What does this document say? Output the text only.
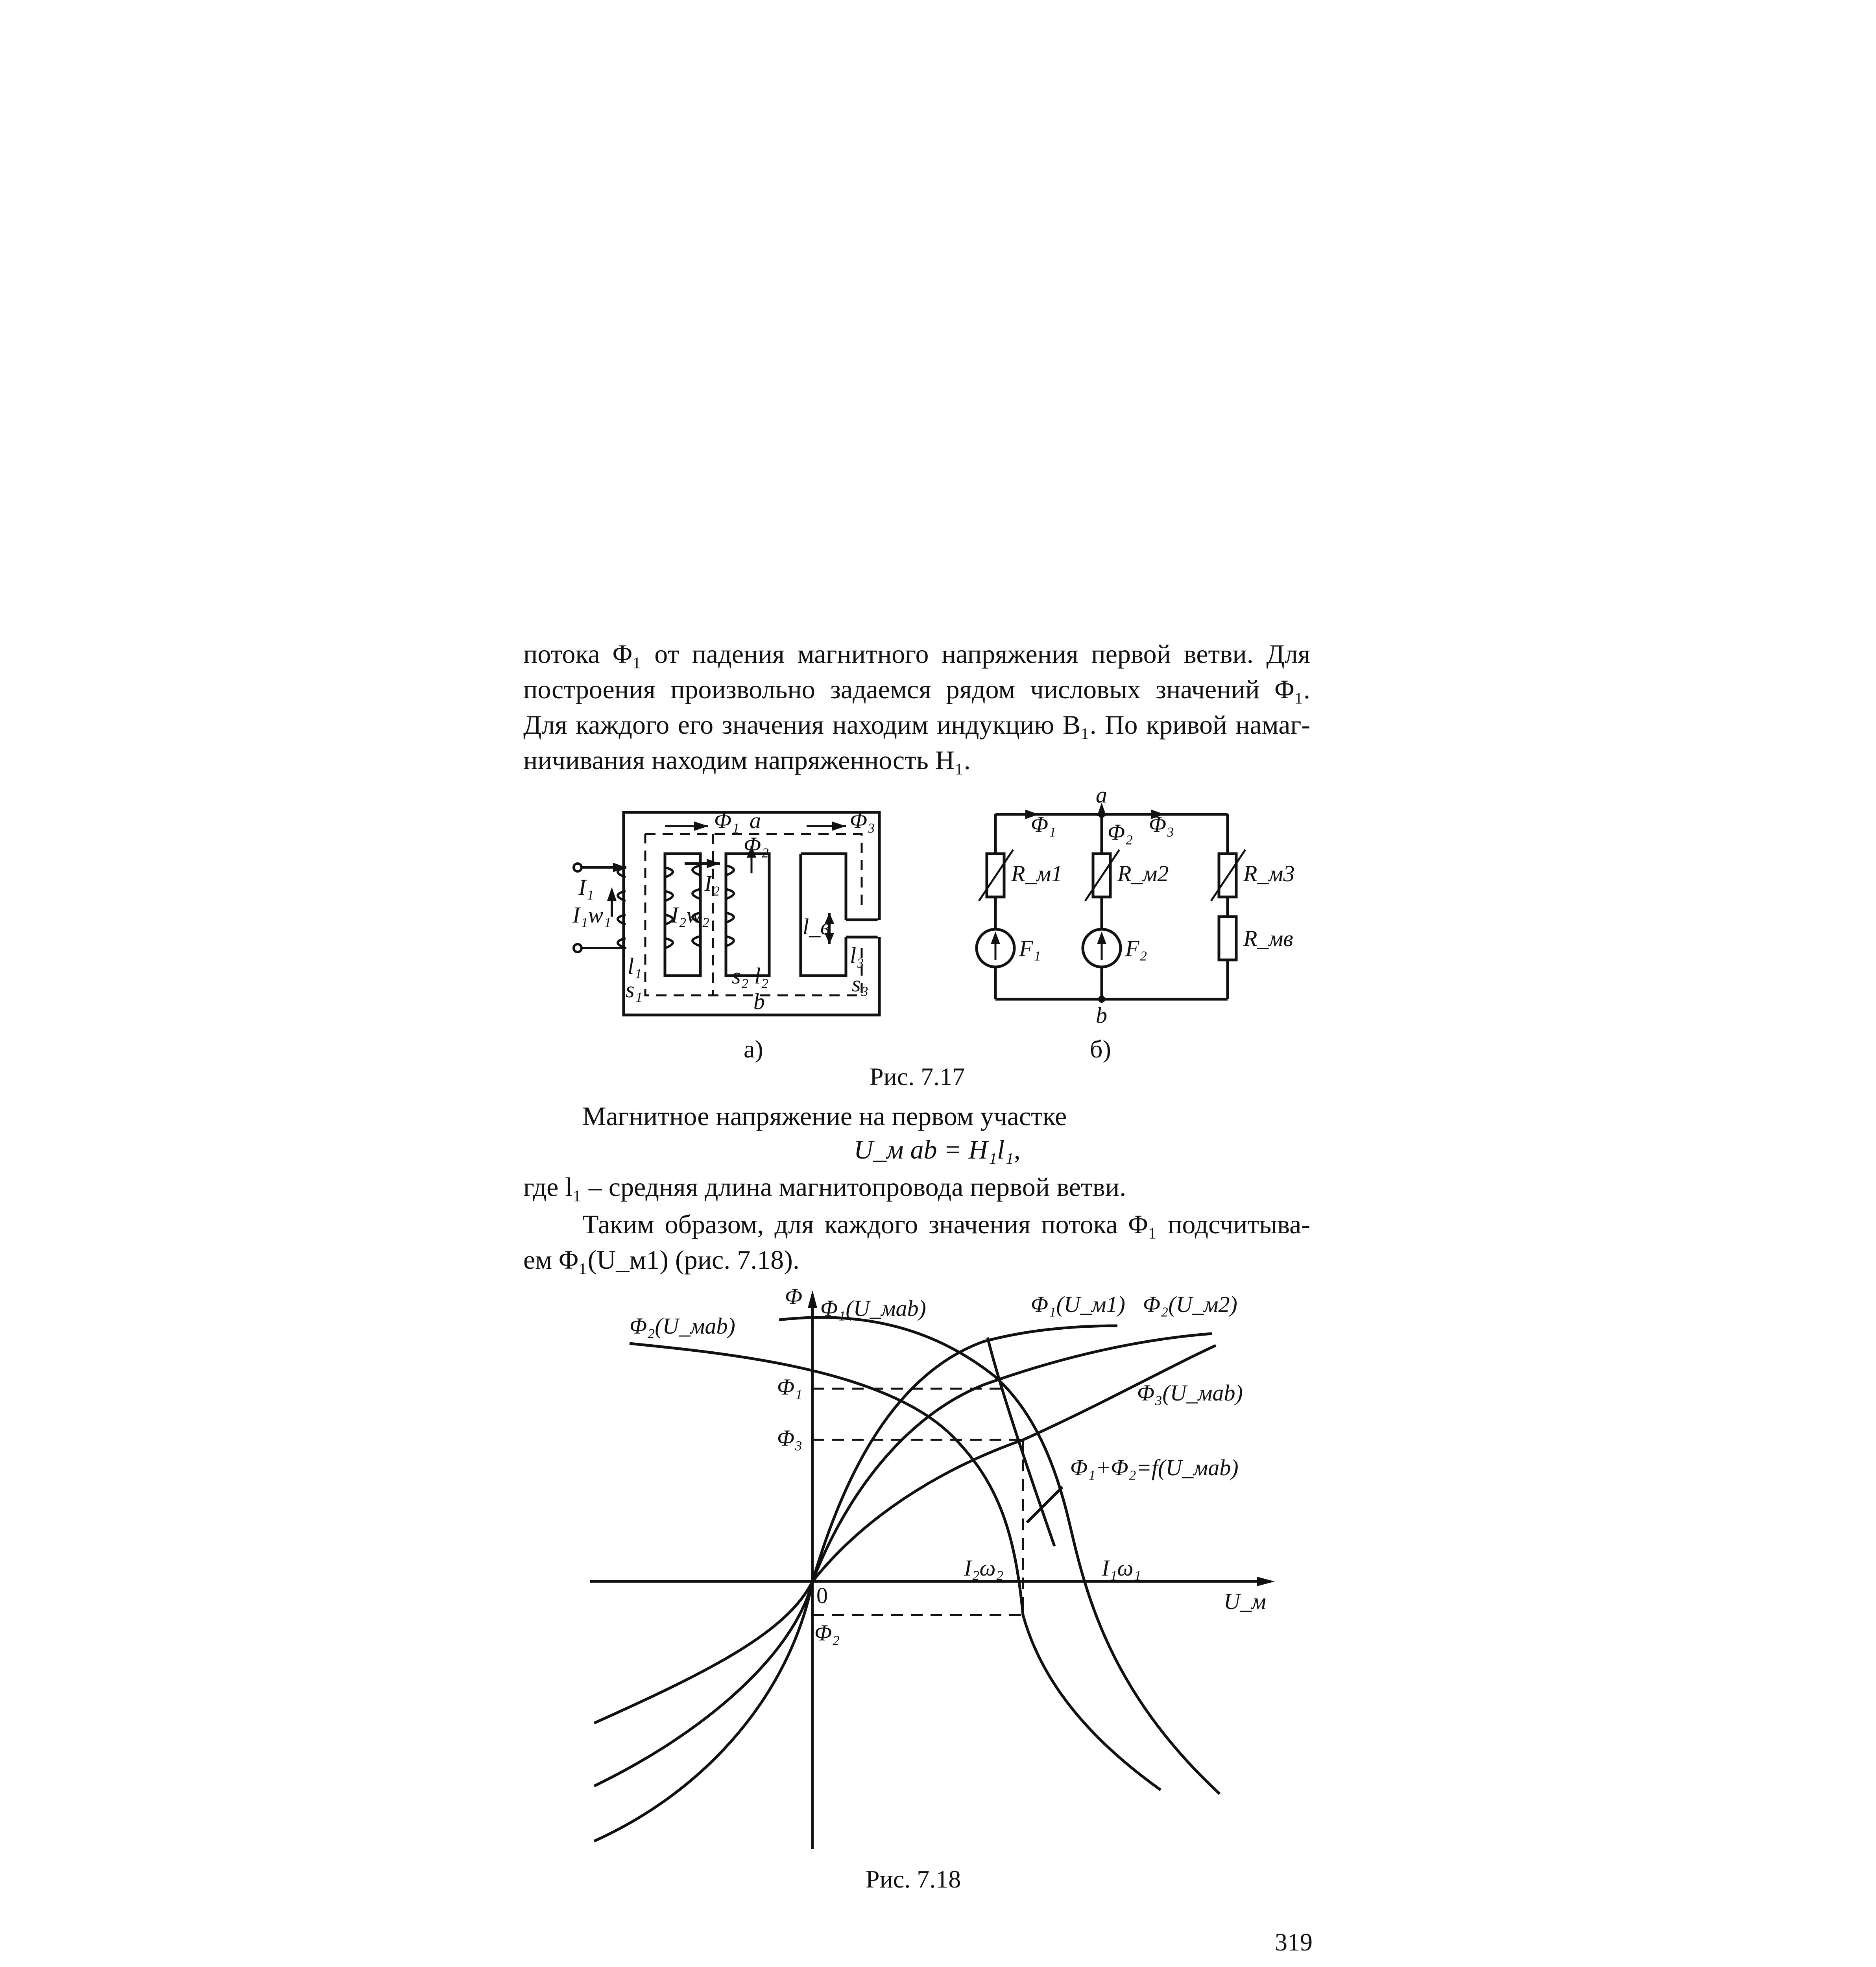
потока Φ₁ от падения магнитного напряжения первой ветви. Для
построения произвольно задаемся рядом числовых значений Φ₁.
Для каждого его значения находим индукцию B₁. По кривой намаг-
ничивания находим напряженность H₁.
Φ₁ a	Φ₃
Φ₂
I₁	I₂
I₁w₁	I₂w₂	l_в
l₁
s₁
s₂ l₂
l₃
s₃
b
a
Φ₁ Φ₂ Φ₃
R_м1 R_м2	R_м3
R_мв
F₁	F₂
b
а)	б)
Рис. 7.17
Магнитное напряжение на первом участке
U_м ab = H₁l₁,
где l₁ – средняя длина магнитопровода первой ветви.
Таким образом, для каждого значения потока Φ₁ подсчитыва-
ем Φ₁(U_м1) (рис. 7.18).
Φ
U_м
0
Φ₁
Φ₃
Φ₂
Φ₂(U_маb)
Φ₁(U_маb)	Φ₁(U_м1) Φ₂(U_м2)
Φ₃(U_маb)
Φ₁+Φ₂=f(U_маb)
I₂ω₂	I₁ω₁
Рис. 7.18
319
